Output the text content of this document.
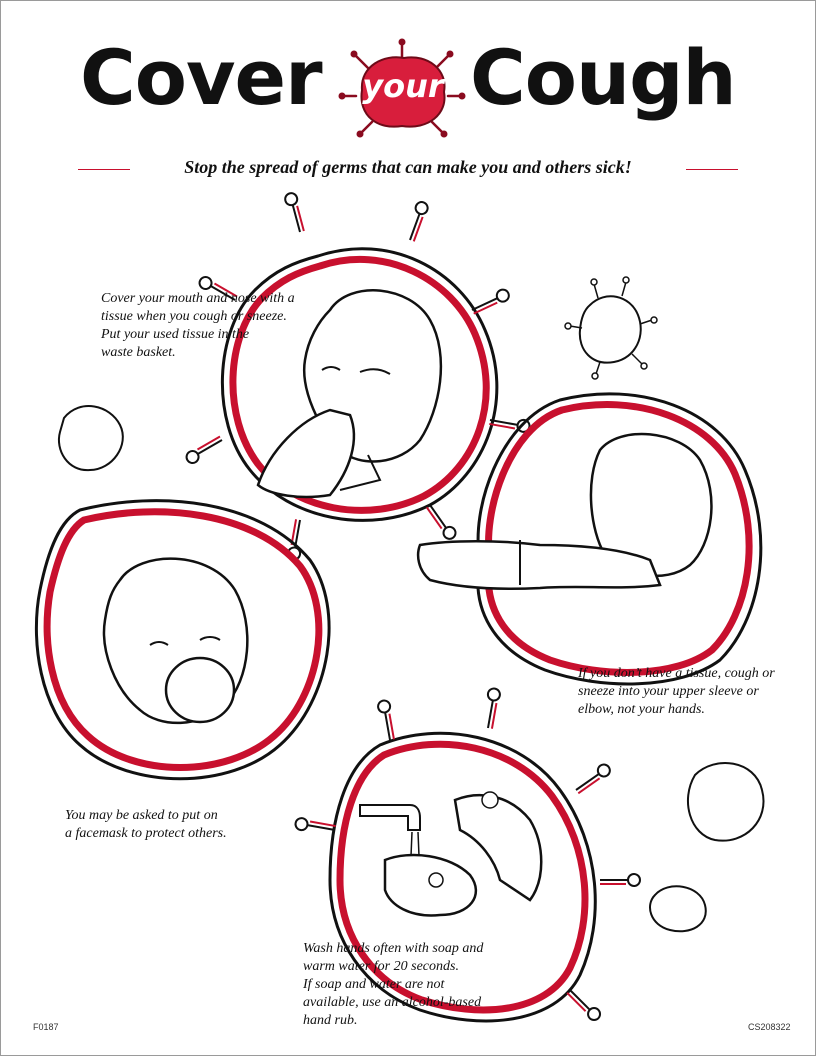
Cover	your Cough
Stop the spread of germs that can make you and others sick!
Cover your mouth and nose with a
tissue when you cough or sneeze.
Put your used tissue in the
waste basket.
If you don’t have a tissue, cough or
sneeze into your upper sleeve or
elbow, not your hands.
You may be asked to put on
a facemask to protect others.
Wash hands often with soap and
warm water for 20 seconds.
If soap and water are not
available, use an alcohol-based
hand rub.
F0187	CS208322
